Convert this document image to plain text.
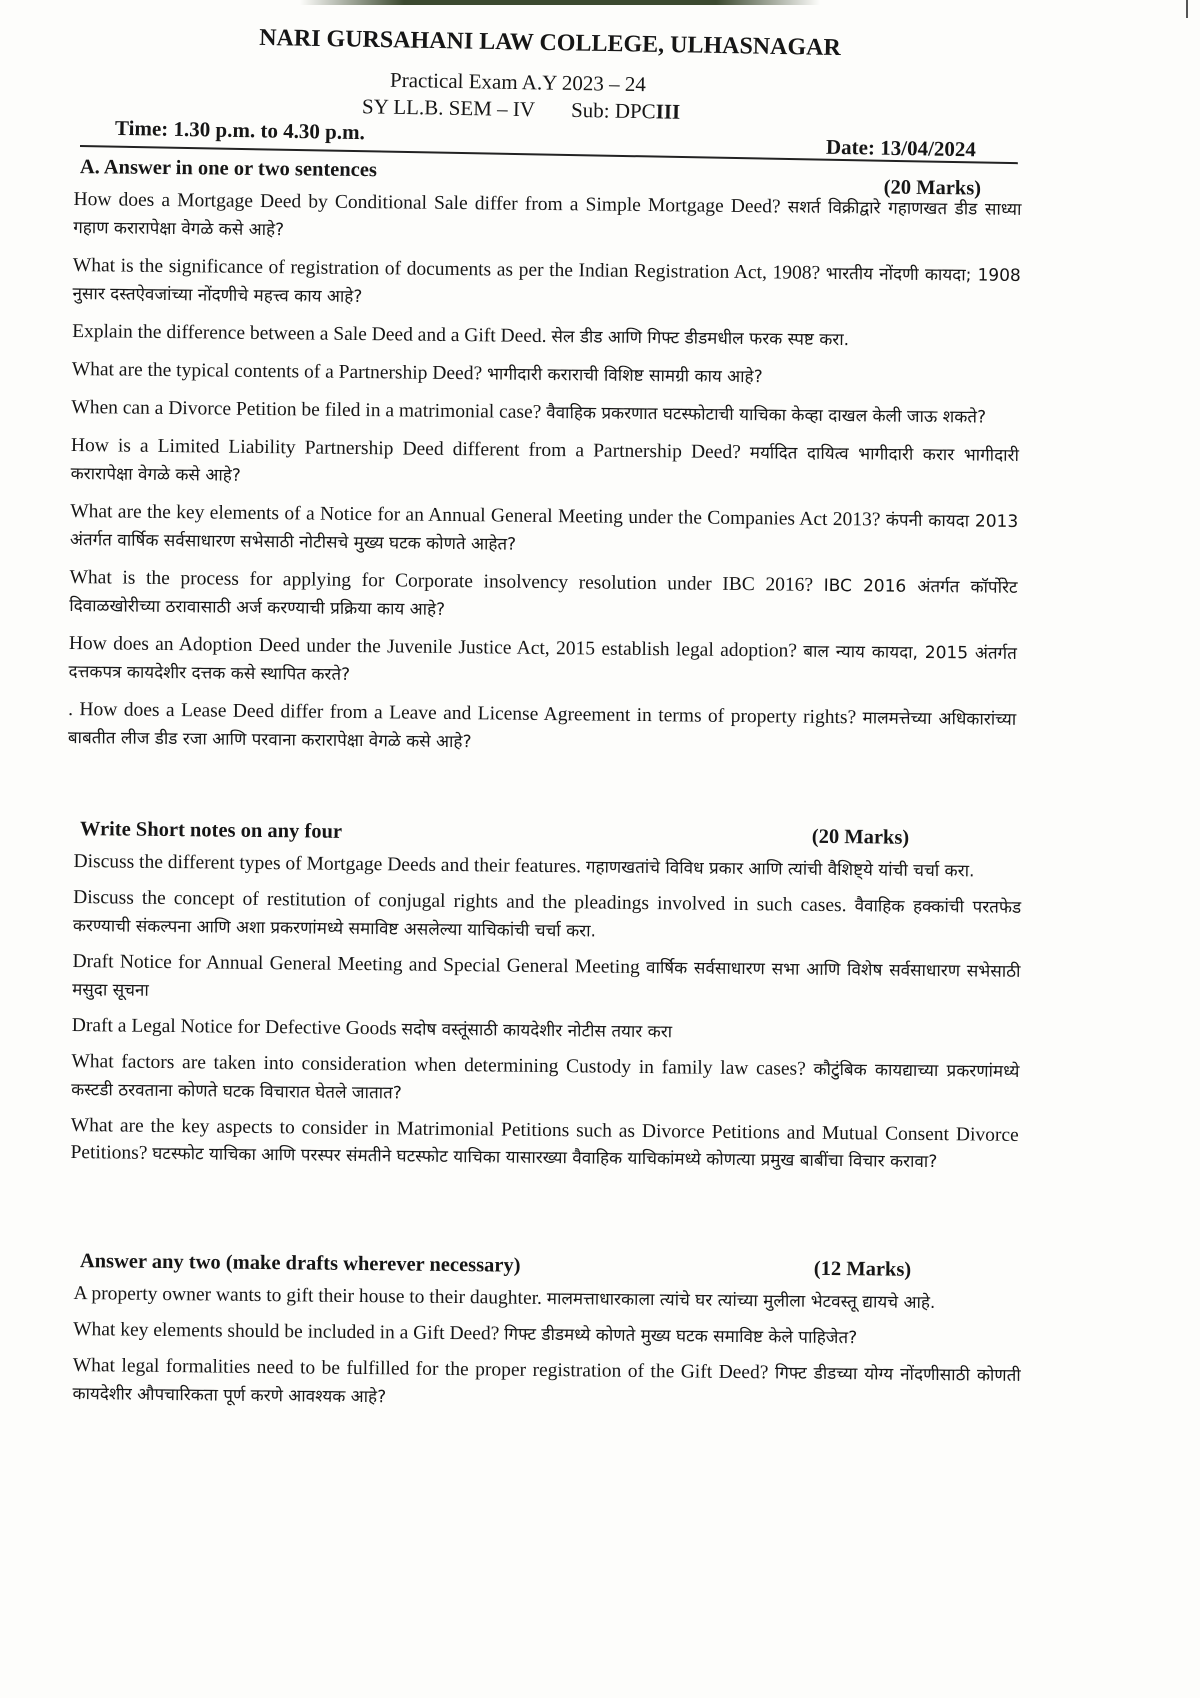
NARI GURSAHANI LAW COLLEGE, ULHASNAGAR
Practical Exam A.Y 2023 – 24
SY LL.B. SEM – IV Sub: DPCIII
Time: 1.30 p.m. to 4.30 p.m.
Date: 13/04/2024
A. Answer in one or two sentences
(20 Marks)

How does a Mortgage Deed by Conditional Sale differ from a Simple Mortgage Deed? सशर्त विक्रीद्वारे गहाणखत डीड साध्या गहाण करारापेक्षा वेगळे कसे आहे?

What is the significance of registration of documents as per the Indian Registration Act, 1908? भारतीय नोंदणी कायदा; 1908 नुसार दस्तऐवजांच्या नोंदणीचे महत्त्व काय आहे?

Explain the difference between a Sale Deed and a Gift Deed. सेल डीड आणि गिफ्ट डीडमधील फरक स्पष्ट करा.

What are the typical contents of a Partnership Deed? भागीदारी कराराची विशिष्ट सामग्री काय आहे?

When can a Divorce Petition be filed in a matrimonial case? वैवाहिक प्रकरणात घटस्फोटाची याचिका केव्हा दाखल केली जाऊ शकते?

How is a Limited Liability Partnership Deed different from a Partnership Deed? मर्यादित दायित्व भागीदारी करार भागीदारी करारापेक्षा वेगळे कसे आहे?

What are the key elements of a Notice for an Annual General Meeting under the Companies Act 2013? कंपनी कायदा 2013 अंतर्गत वार्षिक सर्वसाधारण सभेसाठी नोटीसचे मुख्य घटक कोणते आहेत?

What is the process for applying for Corporate insolvency resolution under IBC 2016? IBC 2016 अंतर्गत कॉर्पोरेट दिवाळखोरीच्या ठरावासाठी अर्ज करण्याची प्रक्रिया काय आहे?

How does an Adoption Deed under the Juvenile Justice Act, 2015 establish legal adoption? बाल न्याय कायदा, 2015 अंतर्गत दत्तकपत्र कायदेशीर दत्तक कसे स्थापित करते?

. How does a Lease Deed differ from a Leave and License Agreement in terms of property rights? मालमत्तेच्या अधिकारांच्या बाबतीत लीज डीड रजा आणि परवाना करारापेक्षा वेगळे कसे आहे?

Write Short notes on any four	(20 Marks)

Discuss the different types of Mortgage Deeds and their features. गहाणखतांचे विविध प्रकार आणि त्यांची वैशिष्ट्ये यांची चर्चा करा.

Discuss the concept of restitution of conjugal rights and the pleadings involved in such cases. वैवाहिक हक्कांची परतफेड करण्याची संकल्पना आणि अशा प्रकरणांमध्ये समाविष्ट असलेल्या याचिकांची चर्चा करा.

Draft Notice for Annual General Meeting and Special General Meeting वार्षिक सर्वसाधारण सभा आणि विशेष सर्वसाधारण सभेसाठी मसुदा सूचना

Draft a Legal Notice for Defective Goods सदोष वस्तूंसाठी कायदेशीर नोटीस तयार करा

What factors are taken into consideration when determining Custody in family law cases? कौटुंबिक कायद्याच्या प्रकरणांमध्ये कस्टडी ठरवताना कोणते घटक विचारात घेतले जातात?

What are the key aspects to consider in Matrimonial Petitions such as Divorce Petitions and Mutual Consent Divorce Petitions? घटस्फोट याचिका आणि परस्पर संमतीने घटस्फोट याचिका यासारख्या वैवाहिक याचिकांमध्ये कोणत्या प्रमुख बाबींचा विचार करावा?

Answer any two (make drafts wherever necessary)	(12 Marks)

A property owner wants to gift their house to their daughter. मालमत्ताधारकाला त्यांचे घर त्यांच्या मुलीला भेटवस्तू द्यायचे आहे.

What key elements should be included in a Gift Deed? गिफ्ट डीडमध्ये कोणते मुख्य घटक समाविष्ट केले पाहिजेत?

What legal formalities need to be fulfilled for the proper registration of the Gift Deed? गिफ्ट डीडच्या योग्य नोंदणीसाठी कोणती कायदेशीर औपचारिकता पूर्ण करणे आवश्यक आहे?
